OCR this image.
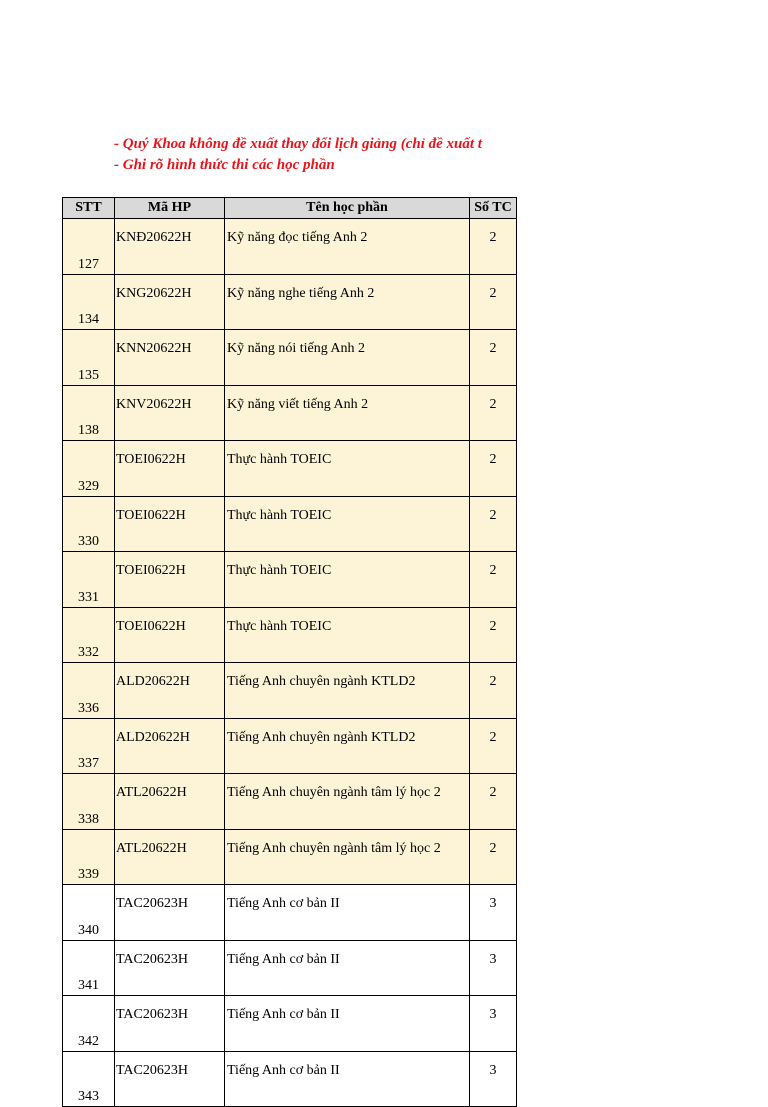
- Quý Khoa không đề xuất thay đổi lịch giảng (chỉ đề xuất t
- Ghi rõ hình thức thi các học phần
STT	Mã HP	Tên học phần	Số TC
127	KNĐ20622H	Kỹ năng đọc tiếng Anh 2	2
134	KNG20622H	Kỹ năng nghe tiếng Anh 2	2
135	KNN20622H	Kỹ năng nói tiếng Anh 2	2
138	KNV20622H	Kỹ năng viết tiếng Anh 2	2
329	TOEI0622H	Thực hành TOEIC	2
330	TOEI0622H	Thực hành TOEIC	2
331	TOEI0622H	Thực hành TOEIC	2
332	TOEI0622H	Thực hành TOEIC	2
336	ALD20622H	Tiếng Anh chuyên ngành KTLD2	2
337	ALD20622H	Tiếng Anh chuyên ngành KTLD2	2
338	ATL20622H	Tiếng Anh chuyên ngành tâm lý học 2	2
339	ATL20622H	Tiếng Anh chuyên ngành tâm lý học 2	2
340	TAC20623H	Tiếng Anh cơ bản II	3
341	TAC20623H	Tiếng Anh cơ bản II	3
342	TAC20623H	Tiếng Anh cơ bản II	3
343	TAC20623H	Tiếng Anh cơ bản II	3
